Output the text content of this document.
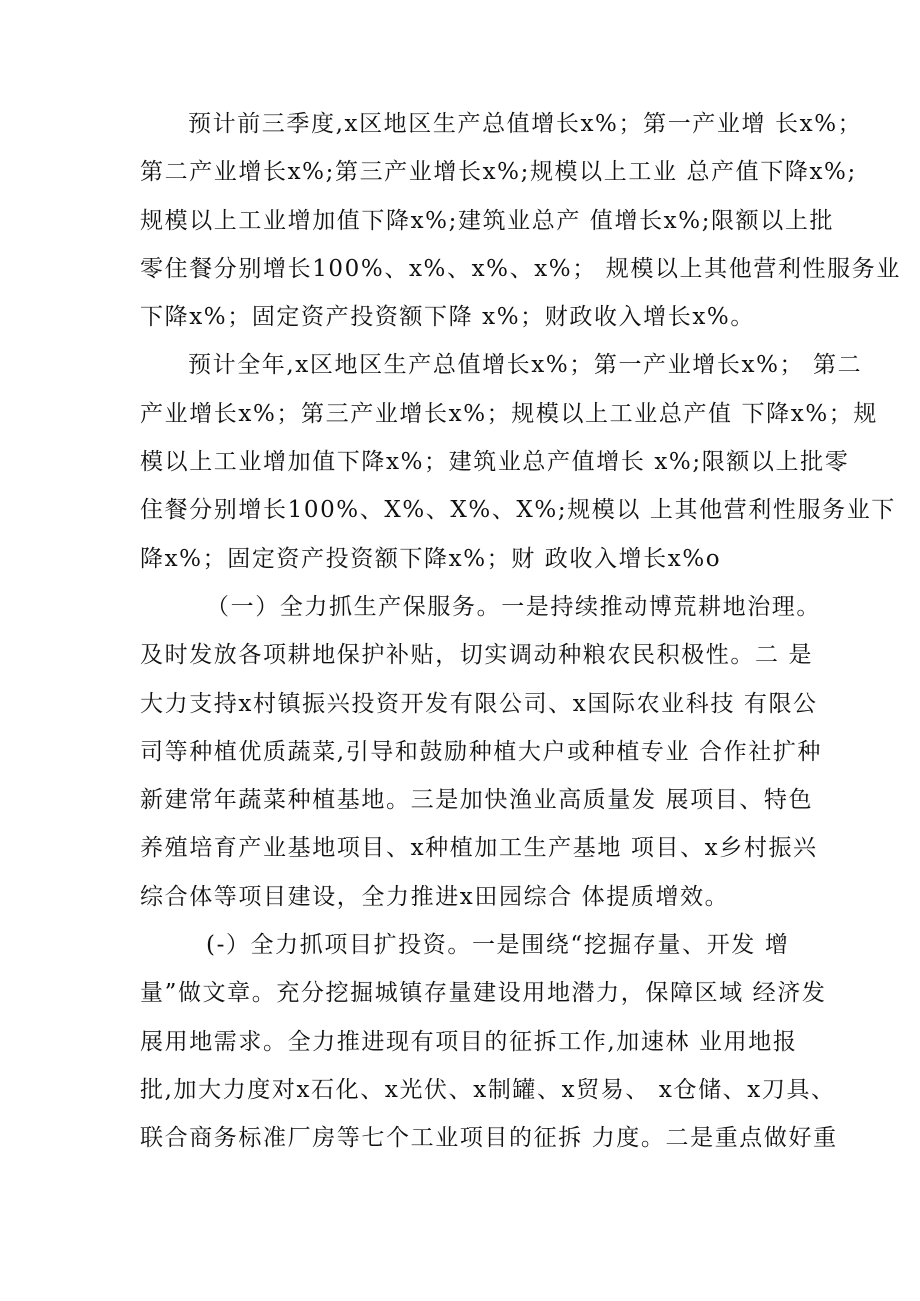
预计前三季度,x区地区生产总值增长x%；第一产业增 长x%；
第二产业增长x%;第三产业增长x%;规模以上工业 总产值下降x%;
规模以上工业增加值下降x%;建筑业总产 值增长x%;限额以上批
零住餐分别增长100%、x%、x%、x%； 规模以上其他营利性服务业
下降x%；固定资产投资额下降 x%；财政收入增长x%。
预计全年,x区地区生产总值增长x%；第一产业增长x%； 第二
产业增长x%；第三产业增长x%；规模以上工业总产值 下降x%；规
模以上工业增加值下降x%；建筑业总产值增长 x%;限额以上批零
住餐分别增长100%、X%、X%、X%;规模以 上其他营利性服务业下
降x%；固定资产投资额下降x%；财 政收入增长x%o
（一）全力抓生产保服务。一是持续推动博荒耕地治理。
及时发放各项耕地保护补贴，切实调动种粮农民积极性。二 是
大力支持x村镇振兴投资开发有限公司、x国际农业科技 有限公
司等种植优质蔬菜,引导和鼓励种植大户或种植专业 合作社扩种
新建常年蔬菜种植基地。三是加快渔业高质量发 展项目、特色
养殖培育产业基地项目、x种植加工生产基地 项目、x乡村振兴
综合体等项目建设，全力推进x田园综合 体提质增效。
(-）全力抓项目扩投资。一是围绕“挖掘存量、开发 增
量”做文章。充分挖掘城镇存量建设用地潜力，保障区域 经济发
展用地需求。全力推进现有项目的征拆工作,加速林 业用地报
批,加大力度对x石化、x光伏、x制罐、x贸易、 x仓储、x刀具、
联合商务标准厂房等七个工业项目的征拆 力度。二是重点做好重
